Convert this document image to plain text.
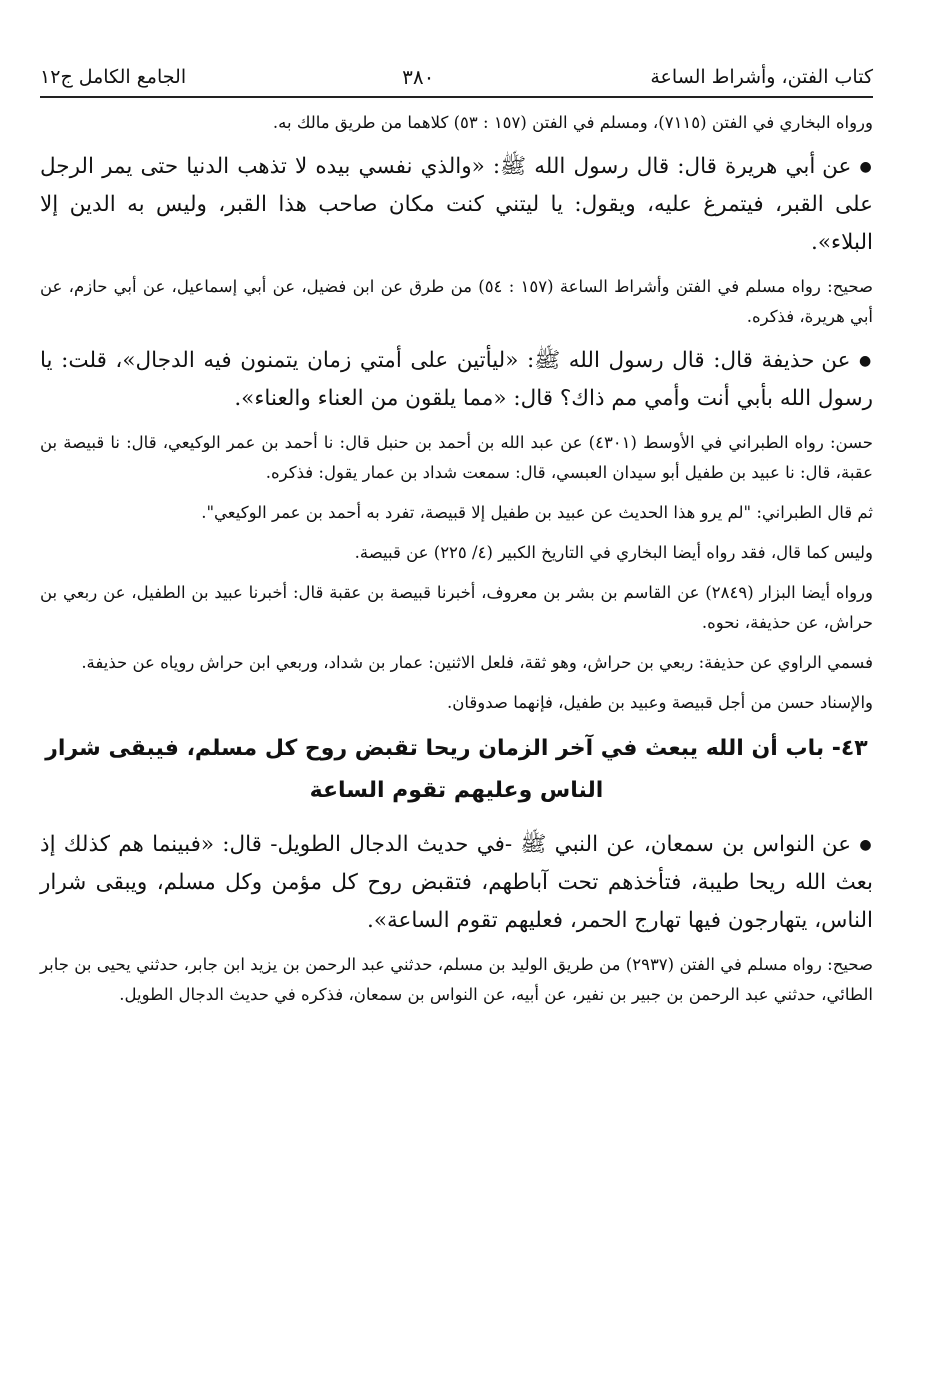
كتاب الفتن، وأشراط الساعة
٣٨٠
الجامع الكامل ج١٢

ورواه البخاري في الفتن (٧١١٥)، ومسلم في الفتن (١٥٧ : ٥٣) كلاهما من طريق مالك به.

● عن أبي هريرة قال: قال رسول الله ﷺ: «والذي نفسي بيده لا تذهب الدنيا حتى يمر الرجل على القبر، فيتمرغ عليه، ويقول: يا ليتني كنت مكان صاحب هذا القبر، وليس به الدين إلا البلاء».

صحيح: رواه مسلم في الفتن وأشراط الساعة (١٥٧ : ٥٤) من طرق عن ابن فضيل، عن أبي إسماعيل، عن أبي حازم، عن أبي هريرة، فذكره.

● عن حذيفة قال: قال رسول الله ﷺ: «ليأتين على أمتي زمان يتمنون فيه الدجال»، قلت: يا رسول الله بأبي أنت وأمي مم ذاك؟ قال: «مما يلقون من العناء والعناء».

حسن: رواه الطبراني في الأوسط (٤٣٠١) عن عبد الله بن أحمد بن حنبل قال: نا أحمد بن عمر الوكيعي، قال: نا قبيصة بن عقبة، قال: نا عبيد بن طفيل أبو سيدان العبسي، قال: سمعت شداد بن عمار يقول: فذكره.

ثم قال الطبراني: "لم يرو هذا الحديث عن عبيد بن طفيل إلا قبيصة، تفرد به أحمد بن عمر الوكيعي".

وليس كما قال، فقد رواه أيضا البخاري في التاريخ الكبير (٤/ ٢٢٥) عن قبيصة.

ورواه أيضا البزار (٢٨٤٩) عن القاسم بن بشر بن معروف، أخبرنا قبيصة بن عقبة قال: أخبرنا عبيد بن الطفيل، عن ربعي بن حراش، عن حذيفة، نحوه.

فسمي الراوي عن حذيفة: ربعي بن حراش، وهو ثقة، فلعل الاثنين: عمار بن شداد، وربعي ابن حراش روياه عن حذيفة.

والإسناد حسن من أجل قبيصة وعبيد بن طفيل، فإنهما صدوقان.

٤٣- باب أن الله يبعث في آخر الزمان ريحا تقبض روح كل مسلم، فيبقى شرار الناس وعليهم تقوم الساعة

● عن النواس بن سمعان، عن النبي ﷺ -في حديث الدجال الطويل- قال: «فبينما هم كذلك إذ بعث الله ريحا طيبة، فتأخذهم تحت آباطهم، فتقبض روح كل مؤمن وكل مسلم، ويبقى شرار الناس، يتهارجون فيها تهارج الحمر، فعليهم تقوم الساعة».

صحيح: رواه مسلم في الفتن (٢٩٣٧) من طريق الوليد بن مسلم، حدثني عبد الرحمن بن يزيد ابن جابر، حدثني يحيى بن جابر الطائي، حدثني عبد الرحمن بن جبير بن نفير، عن أبيه، عن النواس بن سمعان، فذكره في حديث الدجال الطويل.
